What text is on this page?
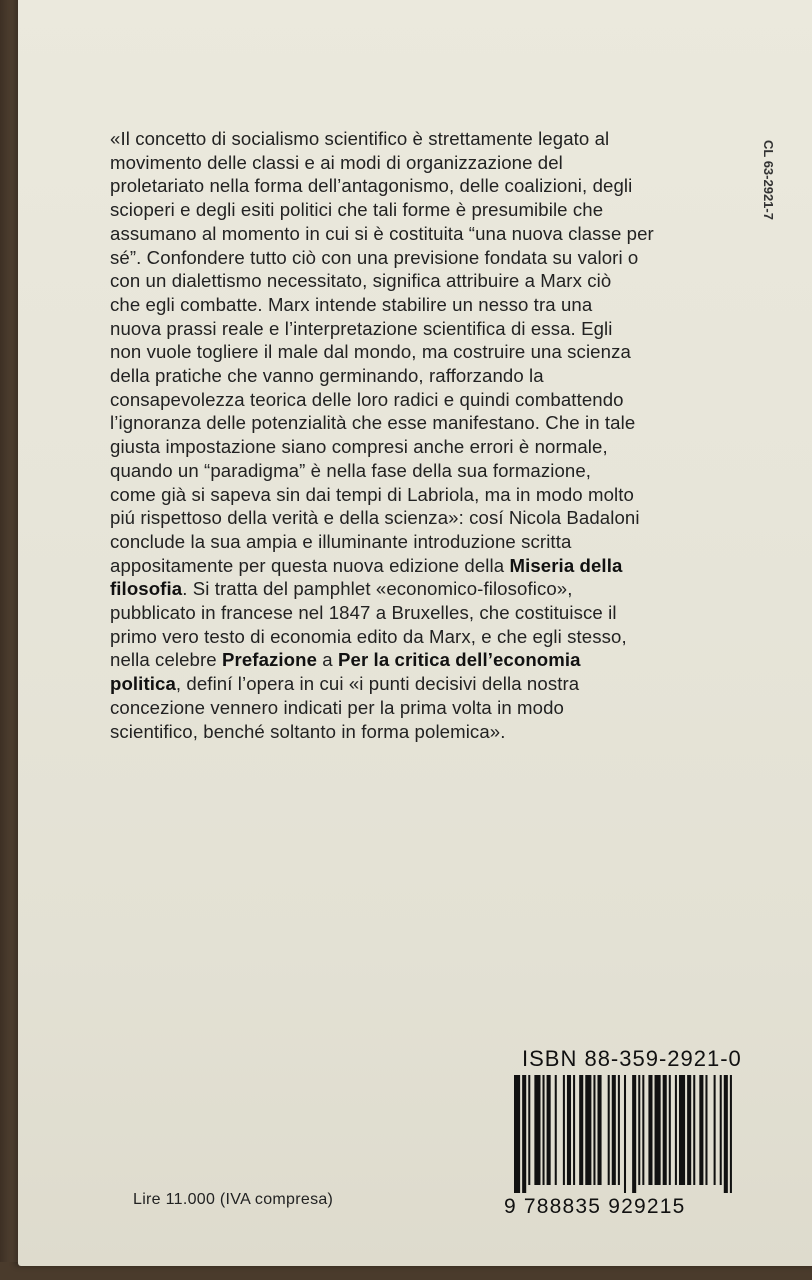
«Il concetto di socialismo scientifico è strettamente legato al

movimento delle classi e ai modi di organizzazione del

proletariato nella forma dell’antagonismo, delle coalizioni, degli

scioperi e degli esiti politici che tali forme è presumibile che

assumano al momento in cui si è costituita “una nuova classe per

sé”. Confondere tutto ciò con una previsione fondata su valori o

con un dialettismo necessitato, significa attribuire a Marx ciò

che egli combatte. Marx intende stabilire un nesso tra una

nuova prassi reale e l’interpretazione scientifica di essa. Egli

non vuole togliere il male dal mondo, ma costruire una scienza

della pratiche che vanno germinando, rafforzando la

consapevolezza teorica delle loro radici e quindi combattendo

l’ignoranza delle potenzialità che esse manifestano. Che in tale

giusta impostazione siano compresi anche errori è normale,

quando un “paradigma” è nella fase della sua formazione,

come già si sapeva sin dai tempi di Labriola, ma in modo molto

piú rispettoso della verità e della scienza»: cosí Nicola Badaloni

conclude la sua ampia e illuminante introduzione scritta

appositamente per questa nuova edizione della Miseria della

filosofia. Si tratta del pamphlet «economico-filosofico»,

pubblicato in francese nel 1847 a Bruxelles, che costituisce il

primo vero testo di economia edito da Marx, e che egli stesso,

nella celebre Prefazione a Per la critica dell’economia

politica, definí l’opera in cui «i punti decisivi della nostra

concezione vennero indicati per la prima volta in modo

scientifico, benché soltanto in forma polemica».

CL 63-2921-7
Lire 11.000 (IVA compresa)
ISBN 88-359-2921-0
9 788835 929215
